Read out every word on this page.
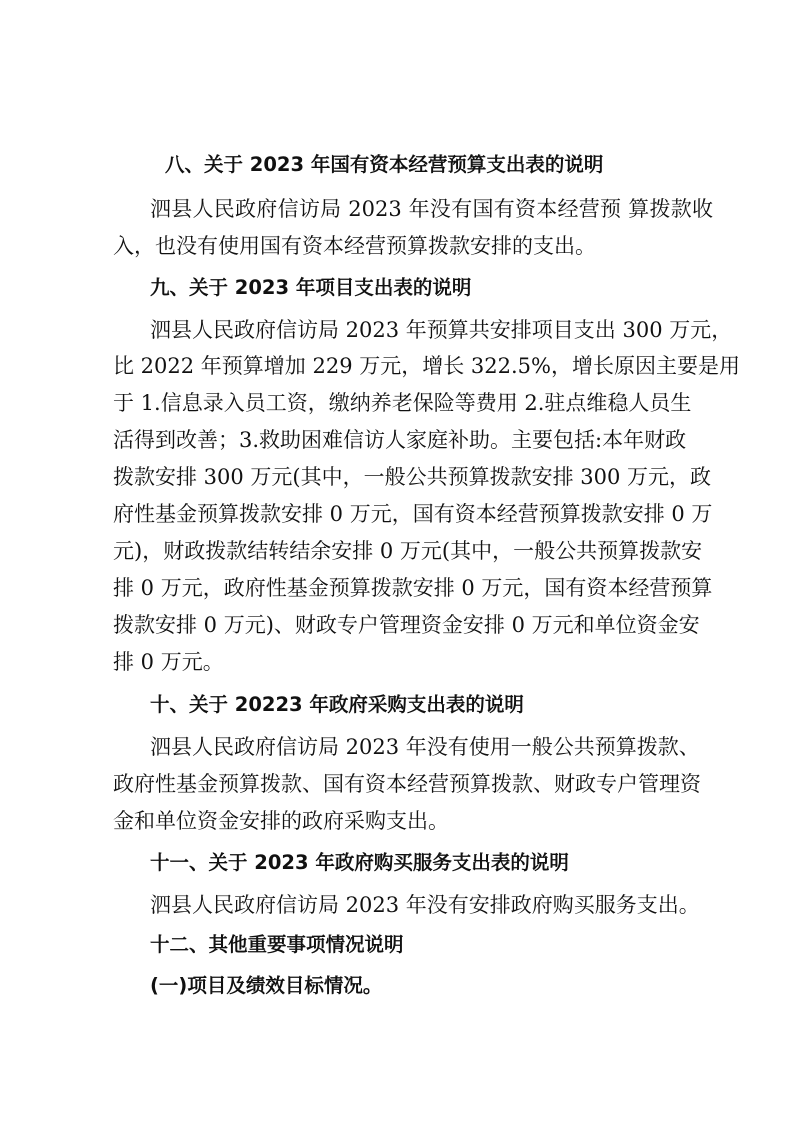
八、关于 2023 年国有资本经营预算支出表的说明
泗县人民政府信访局 2023 年没有国有资本经营预 算拨款收
入，也没有使用国有资本经营预算拨款安排的支出。
九、关于 2023 年项目支出表的说明
泗县人民政府信访局 2023 年预算共安排项目支出 300 万元，
比 2022 年预算增加 229 万元，增长 322.5%，增长原因主要是用
于 1.信息录入员工资，缴纳养老保险等费用 2.驻点维稳人员生
活得到改善；3.救助困难信访人家庭补助。主要包括:本年财政
拨款安排 300 万元(其中，一般公共预算拨款安排 300 万元，政
府性基金预算拨款安排 0 万元，国有资本经营预算拨款安排 0 万
元)，财政拨款结转结余安排 0 万元(其中，一般公共预算拨款安
排 0 万元，政府性基金预算拨款安排 0 万元，国有资本经营预算
拨款安排 0 万元)、财政专户管理资金安排 0 万元和单位资金安
排 0 万元。
十、关于 20223 年政府采购支出表的说明
泗县人民政府信访局 2023 年没有使用一般公共预算拨款、
政府性基金预算拨款、国有资本经营预算拨款、财政专户管理资
金和单位资金安排的政府采购支出。
十一、关于 2023 年政府购买服务支出表的说明
泗县人民政府信访局 2023 年没有安排政府购买服务支出。
十二、其他重要事项情况说明
(一)项目及绩效目标情况。
